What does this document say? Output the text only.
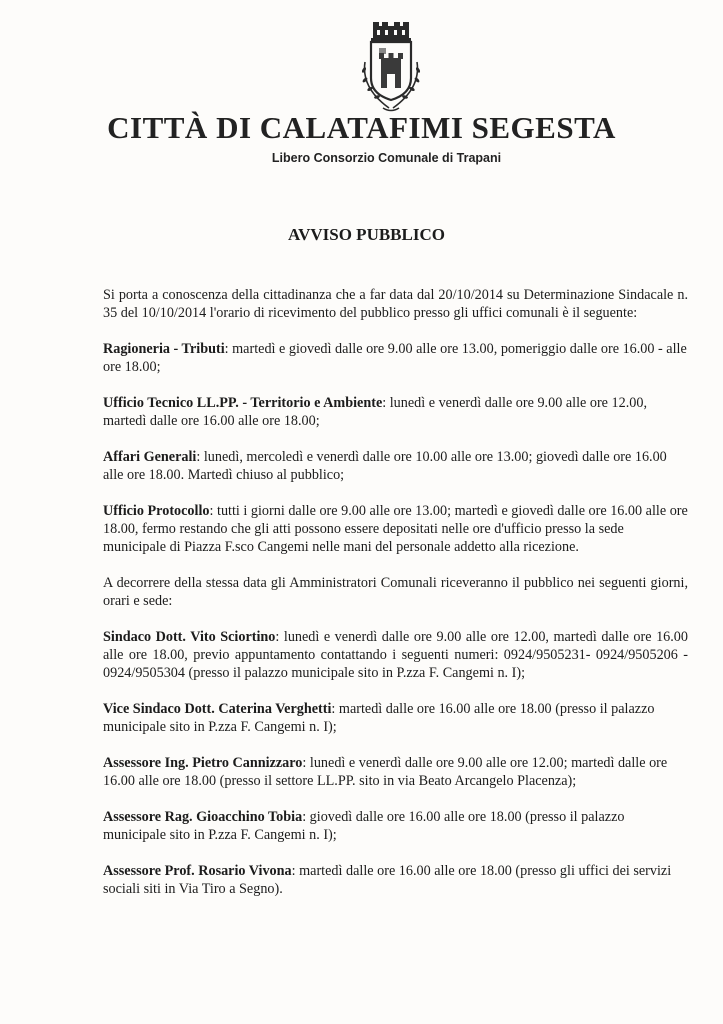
CITTÀ DI CALATAFIMI SEGESTA
Libero Consorzio Comunale di Trapani
AVVISO PUBBLICO

Si porta a conoscenza della cittadinanza che a far data dal 20/10/2014 su Determinazione Sindacale n. 35 del 10/10/2014 l'orario di ricevimento del pubblico presso gli uffici comunali è il seguente:

Ragioneria - Tributi: martedì e giovedì dalle ore 9.00 alle ore 13.00, pomeriggio dalle ore 16.00 - alle ore 18.00;

Ufficio Tecnico LL.PP. - Territorio e Ambiente: lunedì e venerdì dalle ore 9.00 alle ore 12.00, martedì dalle ore 16.00 alle ore 18.00;

Affari Generali: lunedì, mercoledì e venerdì dalle ore 10.00 alle ore 13.00; giovedì dalle ore 16.00 alle ore 18.00. Martedì chiuso al pubblico;

Ufficio Protocollo: tutti i giorni dalle ore 9.00 alle ore 13.00; martedì e giovedì dalle ore 16.00 alle ore 18.00, fermo restando che gli atti possono essere depositati nelle ore d'ufficio presso la sede municipale di Piazza F.sco Cangemi nelle mani del personale addetto alla ricezione.

A decorrere della stessa data gli Amministratori Comunali riceveranno il pubblico nei seguenti giorni, orari e sede:

Sindaco Dott. Vito Sciortino: lunedì e venerdì dalle ore 9.00 alle ore 12.00, martedì dalle ore 16.00 alle ore 18.00, previo appuntamento contattando i seguenti numeri: 0924/9505231- 0924/9505206 - 0924/9505304 (presso il palazzo municipale sito in P.zza F. Cangemi n. I);

Vice Sindaco Dott. Caterina Verghetti: martedì dalle ore 16.00 alle ore 18.00 (presso il palazzo municipale sito in P.zza F. Cangemi n. I);

Assessore Ing. Pietro Cannizzaro: lunedì e venerdì dalle ore 9.00 alle ore 12.00; martedì dalle ore 16.00 alle ore 18.00 (presso il settore LL.PP. sito in via Beato Arcangelo Placenza);

Assessore Rag. Gioacchino Tobia: giovedì dalle ore 16.00 alle ore 18.00 (presso il palazzo municipale sito in P.zza F. Cangemi n. I);

Assessore Prof. Rosario Vivona: martedì dalle ore 16.00 alle ore 18.00 (presso gli uffici dei servizi sociali siti in Via Tiro a Segno).
